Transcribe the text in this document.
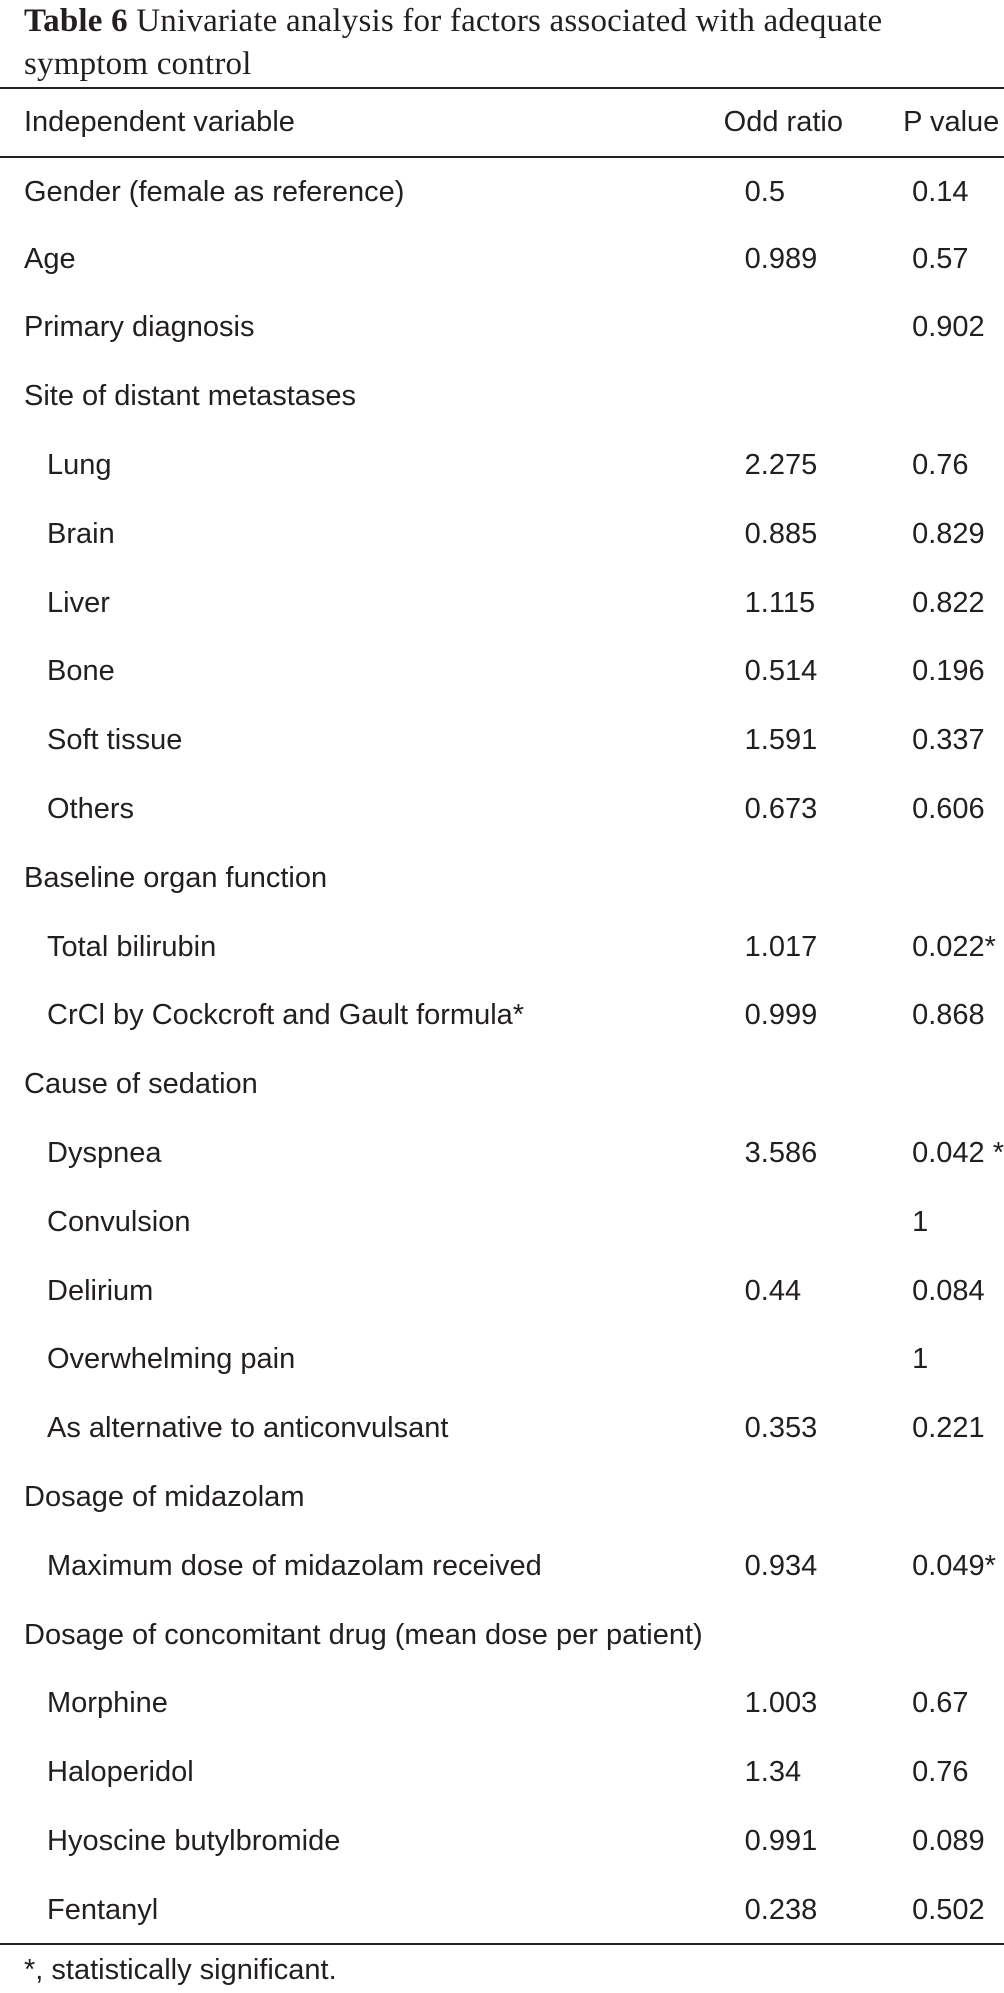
Table 6 Univariate analysis for factors associated with adequate symptom control
Independent variable	Odd ratio	P value
Gender (female as reference)	0.5	0.14
Age	0.989	0.57
Primary diagnosis		0.902
Site of distant metastases		
Lung	2.275	0.76
Brain	0.885	0.829
Liver	1.115	0.822
Bone	0.514	0.196
Soft tissue	1.591	0.337
Others	0.673	0.606
Baseline organ function		
Total bilirubin	1.017	0.022*
CrCl by Cockcroft and Gault formula*	0.999	0.868
Cause of sedation		
Dyspnea	3.586	0.042 *
Convulsion		1
Delirium	0.44	0.084
Overwhelming pain		1
As alternative to anticonvulsant	0.353	0.221
Dosage of midazolam		
Maximum dose of midazolam received	0.934	0.049*
Dosage of concomitant drug (mean dose per patient)		
Morphine	1.003	0.67
Haloperidol	1.34	0.76
Hyoscine butylbromide	0.991	0.089
Fentanyl	0.238	0.502
*, statistically significant.
